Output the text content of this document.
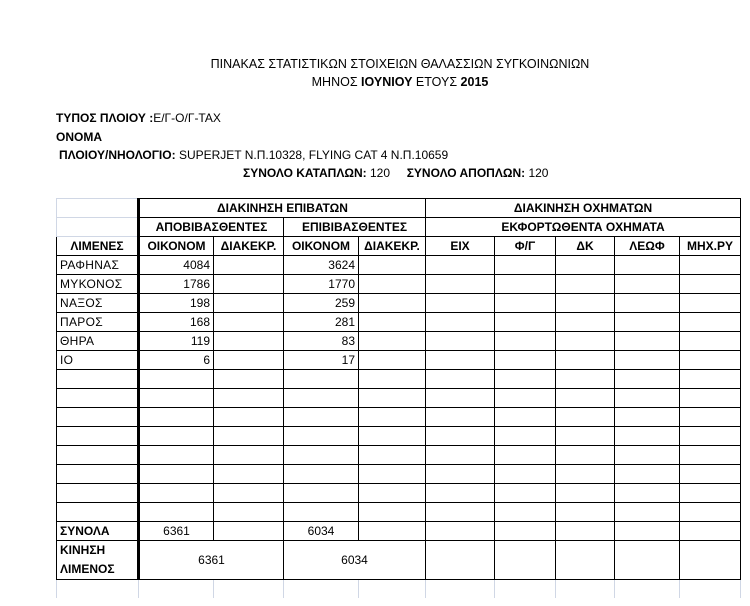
ΠΙΝΑΚΑΣ ΣΤΑΤΙΣΤΙΚΩΝ ΣΤΟΙΧΕΙΩΝ ΘΑΛΑΣΣΙΩΝ ΣΥΓΚΟΙΝΩΝΙΩΝ
ΜΗΝΟΣ ΙΟΥΝΙΟΥ ΕΤΟΥΣ 2015
ΤΥΠΟΣ ΠΛΟΙΟΥ :Ε/Γ-Ο/Γ-ΤΑΧ
ΟΝΟΜΑ
ΠΛΟΙΟΥ/ΝΗΟΛΟΓΙΟ: SUPERJET Ν.Π.10328, FLYING CAT 4 Ν.Π.10659
ΣΥΝΟΛΟ ΚΑΤΑΠΛΩΝ: 120 ΣΥΝΟΛΟ ΑΠΟΠΛΩΝ: 120
	ΔΙΑΚΙΝΗΣΗ ΕΠΙΒΑΤΩΝ				ΔΙΑΚΙΝΗΣΗ ΟΧΗΜΑΤΩΝ				
	ΑΠΟΒΙΒΑΣΘΕΝΤΕΣ		ΕΠΙΒΙΒΑΣΘΕΝΤΕΣ		ΕΚΦΟΡΤΩΘΕΝΤΑ ΟΧΗΜΑΤΑ				
ΛΙΜΕΝΕΣ	ΟΙΚΟΝΟΜ	ΔΙΑΚΕΚΡ.	ΟΙΚΟΝΟΜ	ΔΙΑΚΕΚΡ.	ΕΙΧ	Φ/Γ	ΔΚ	ΛΕΩΦ	ΜΗΧ.ΡΥ
ΡΑΦΗΝΑΣ	4084		3624						
ΜΥΚΟΝΟΣ	1786		1770						
ΝΑΞΟΣ	198		259						
ΠΑΡΟΣ	168		281						
ΘΗΡΑ	119		83						
ΙΟ	6		17						

ΣΥΝΟΛΑ	6361		6034						

ΚΙΝΗΣΗ
ΛΙΜΕΝΟΣ	6361		6034						
